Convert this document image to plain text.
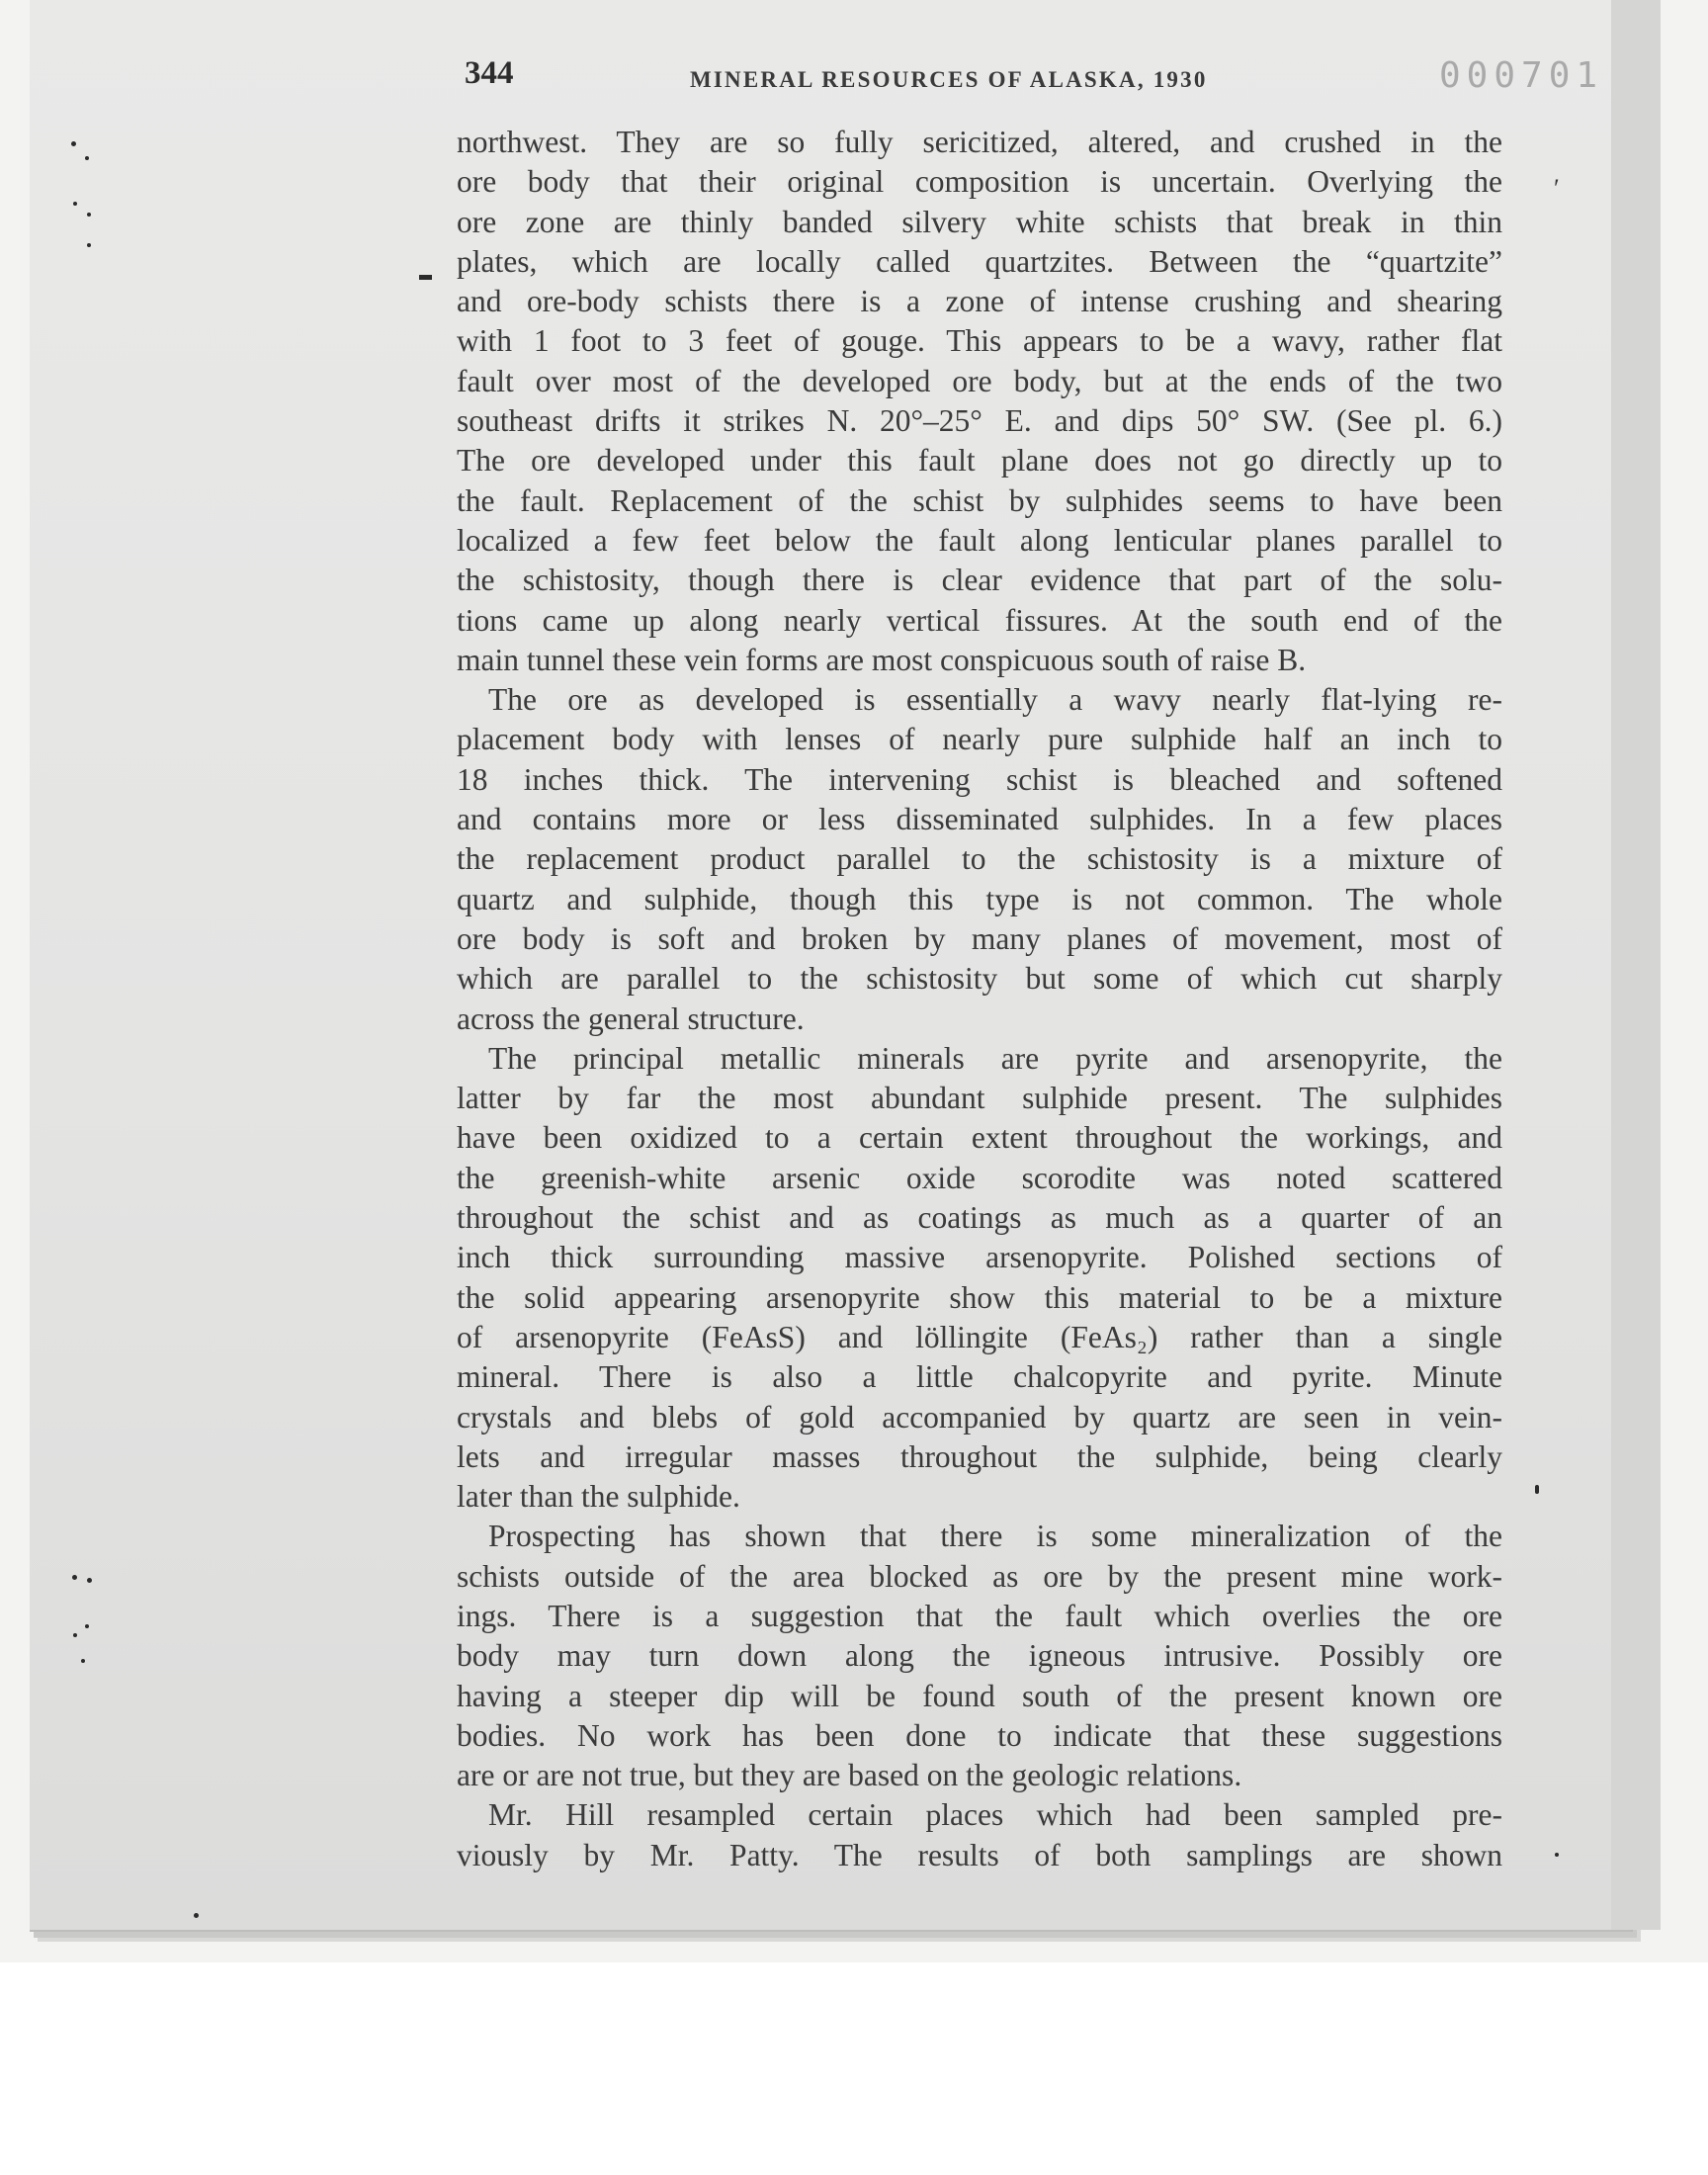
344	MINERAL RESOURCES OF ALASKA, 1930	000701
northwest. They are so fully sericitized, altered, and crushed in the
ore body that their original composition is uncertain. Overlying the
ore zone are thinly banded silvery white schists that break in thin
plates, which are locally called quartzites. Between the “quartzite”
and ore-body schists there is a zone of intense crushing and shearing
with 1 foot to 3 feet of gouge. This appears to be a wavy, rather flat
fault over most of the developed ore body, but at the ends of the two
southeast drifts it strikes N. 20°–25° E. and dips 50° SW. (See pl. 6.)
The ore developed under this fault plane does not go directly up to
the fault. Replacement of the schist by sulphides seems to have been
localized a few feet below the fault along lenticular planes parallel to
the schistosity, though there is clear evidence that part of the solu-
tions came up along nearly vertical fissures. At the south end of the
main tunnel these vein forms are most conspicuous south of raise B.
The ore as developed is essentially a wavy nearly flat-lying re-
placement body with lenses of nearly pure sulphide half an inch to
18 inches thick. The intervening schist is bleached and softened
and contains more or less disseminated sulphides. In a few places
the replacement product parallel to the schistosity is a mixture of
quartz and sulphide, though this type is not common. The whole
ore body is soft and broken by many planes of movement, most of
which are parallel to the schistosity but some of which cut sharply
across the general structure.
The principal metallic minerals are pyrite and arsenopyrite, the
latter by far the most abundant sulphide present. The sulphides
have been oxidized to a certain extent throughout the workings, and
the greenish-white arsenic oxide scorodite was noted scattered
throughout the schist and as coatings as much as a quarter of an
inch thick surrounding massive arsenopyrite. Polished sections of
the solid appearing arsenopyrite show this material to be a mixture
of arsenopyrite (FeAsS) and löllingite (FeAs₂) rather than a single
mineral. There is also a little chalcopyrite and pyrite. Minute
crystals and blebs of gold accompanied by quartz are seen in vein-
lets and irregular masses throughout the sulphide, being clearly
later than the sulphide.
Prospecting has shown that there is some mineralization of the
schists outside of the area blocked as ore by the present mine work-
ings. There is a suggestion that the fault which overlies the ore
body may turn down along the igneous intrusive. Possibly ore
having a steeper dip will be found south of the present known ore
bodies. No work has been done to indicate that these suggestions
are or are not true, but they are based on the geologic relations.
Mr. Hill resampled certain places which had been sampled pre-
viously by Mr. Patty. The results of both samplings are shown
′
